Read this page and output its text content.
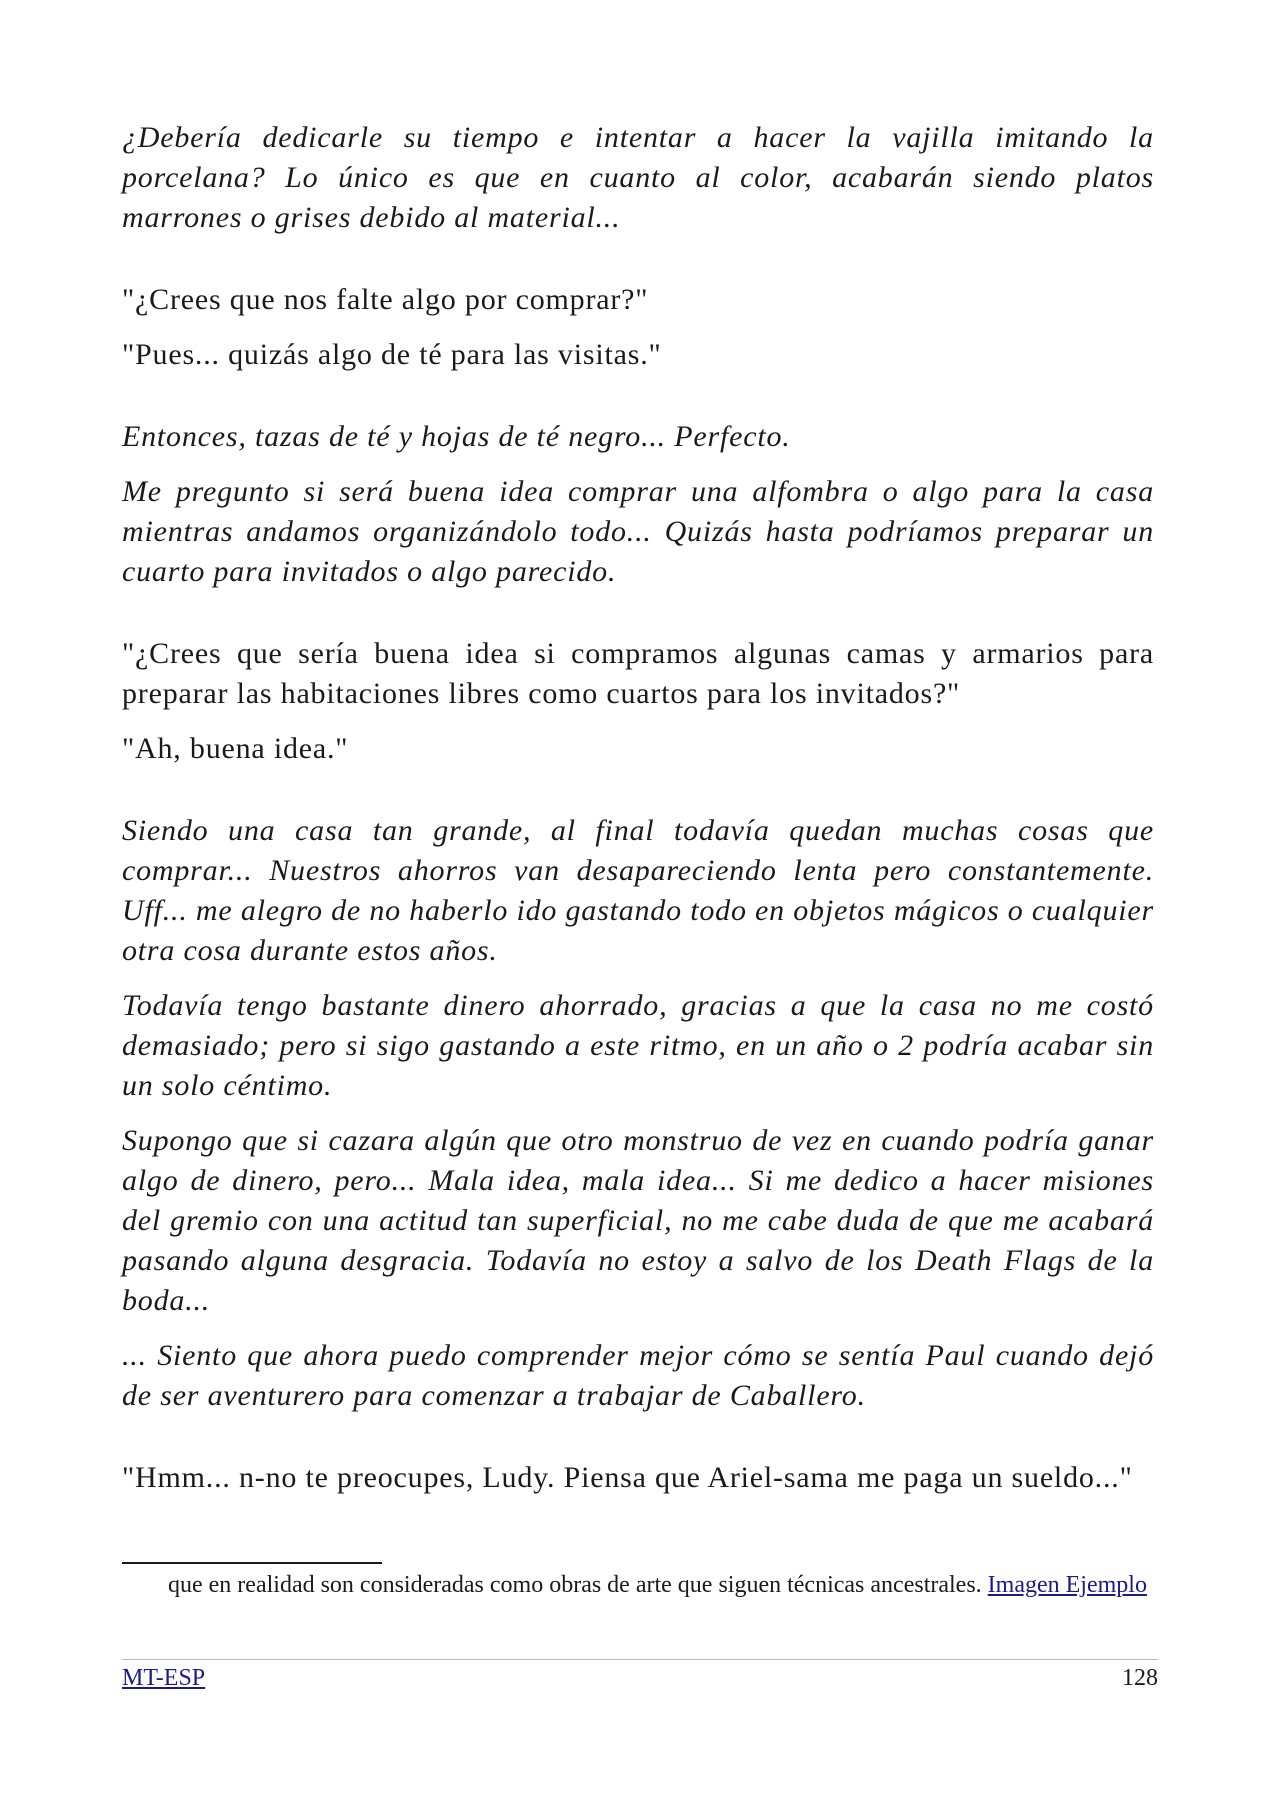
¿Debería dedicarle su tiempo e intentar a hacer la vajilla imitando la porcelana? Lo único es que en cuanto al color, acabarán siendo platos marrones o grises debido al material...

"¿Crees que nos falte algo por comprar?"

"Pues... quizás algo de té para las visitas."

Entonces, tazas de té y hojas de té negro... Perfecto.

Me pregunto si será buena idea comprar una alfombra o algo para la casa mientras andamos organizándolo todo... Quizás hasta podríamos preparar un cuarto para invitados o algo parecido.

"¿Crees que sería buena idea si compramos algunas camas y armarios para preparar las habitaciones libres como cuartos para los invitados?"

"Ah, buena idea."

Siendo una casa tan grande, al final todavía quedan muchas cosas que comprar... Nuestros ahorros van desapareciendo lenta pero constantemente. Uff... me alegro de no haberlo ido gastando todo en objetos mágicos o cualquier otra cosa durante estos años.

Todavía tengo bastante dinero ahorrado, gracias a que la casa no me costó demasiado; pero si sigo gastando a este ritmo, en un año o 2 podría acabar sin un solo céntimo.

Supongo que si cazara algún que otro monstruo de vez en cuando podría ganar algo de dinero, pero... Mala idea, mala idea... Si me dedico a hacer misiones del gremio con una actitud tan superficial, no me cabe duda de que me acabará pasando alguna desgracia. Todavía no estoy a salvo de los Death Flags de la boda...

... Siento que ahora puedo comprender mejor cómo se sentía Paul cuando dejó de ser aventurero para comenzar a trabajar de Caballero.

"Hmm... n-no te preocupes, Ludy. Piensa que Ariel-sama me paga un sueldo..."

que en realidad son consideradas como obras de arte que siguen técnicas ancestrales. Imagen Ejemplo
MT-ESP	128
